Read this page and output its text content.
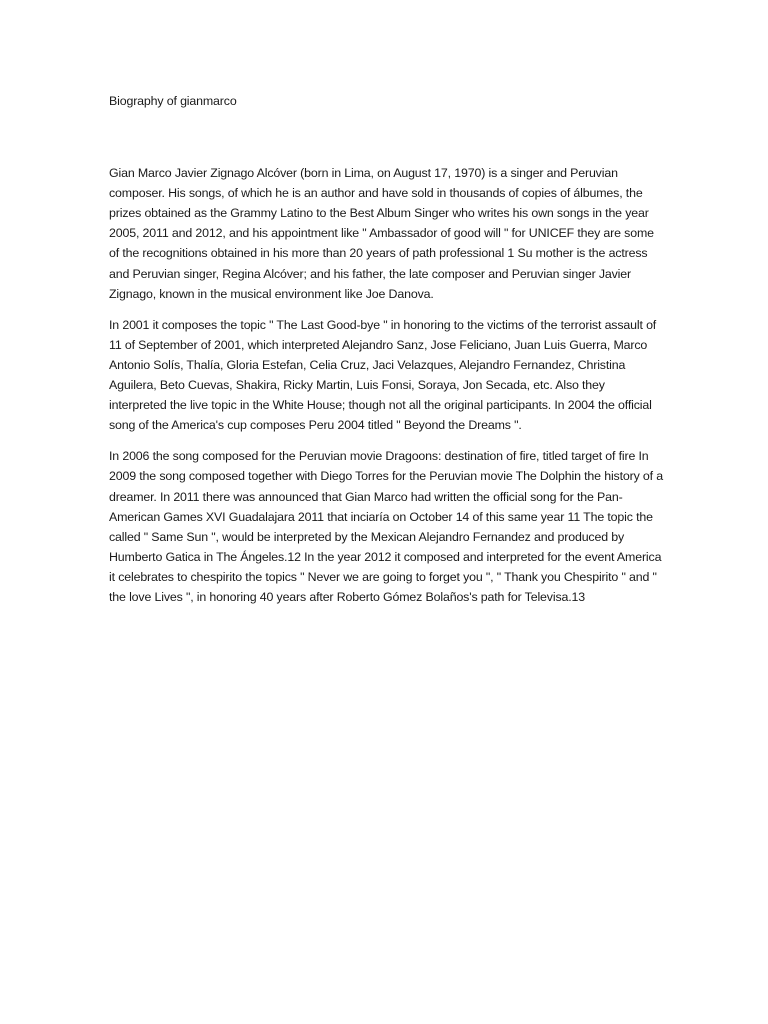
Biography of gianmarco

Gian Marco Javier Zignago Alcóver (born in Lima, on August 17, 1970) is a singer and Peruvian composer. His songs, of which he is an author and have sold in thousands of copies of álbumes, the prizes obtained as the Grammy Latino to the Best Album Singer who writes his own songs in the year 2005, 2011 and 2012, and his appointment like " Ambassador of good will " for UNICEF they are some of the recognitions obtained in his more than 20 years of path professional 1 Su mother is the actress and Peruvian singer, Regina Alcóver; and his father, the late composer and Peruvian singer Javier Zignago, known in the musical environment like Joe Danova.

In 2001 it composes the topic " The Last Good-bye " in honoring to the victims of the terrorist assault of 11 of September of 2001, which interpreted Alejandro Sanz, Jose Feliciano, Juan Luis Guerra, Marco Antonio Solís, Thalía, Gloria Estefan, Celia Cruz, Jaci Velazques, Alejandro Fernandez, Christina Aguilera, Beto Cuevas, Shakira, Ricky Martin, Luis Fonsi, Soraya, Jon Secada, etc. Also they interpreted the live topic in the White House; though not all the original participants. In 2004 the official song of the America's cup composes Peru 2004 titled " Beyond the Dreams ".

In 2006 the song composed for the Peruvian movie Dragoons: destination of fire, titled target of fire In 2009 the song composed together with Diego Torres for the Peruvian movie The Dolphin the history of a dreamer. In 2011 there was announced that Gian Marco had written the official song for the Pan-American Games XVI Guadalajara 2011 that inciaría on October 14 of this same year 11 The topic the called " Same Sun ", would be interpreted by the Mexican Alejandro Fernandez and produced by Humberto Gatica in The Ángeles.12 In the year 2012 it composed and interpreted for the event America it celebrates to chespirito the topics " Never we are going to forget you ", " Thank you Chespirito " and " the love Lives ", in honoring 40 years after Roberto Gómez Bolaños's path for Televisa.13
